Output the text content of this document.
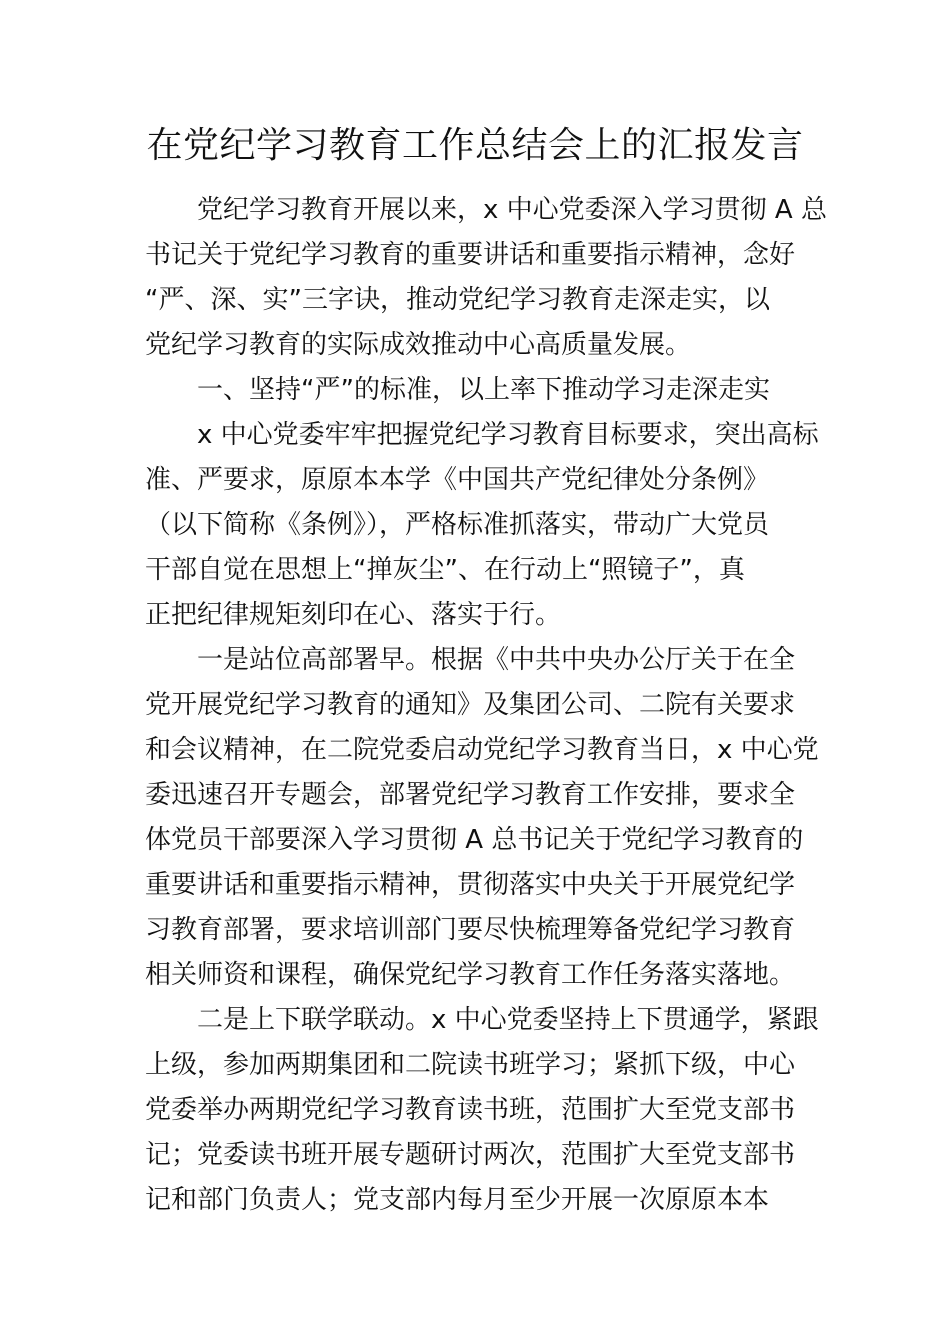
在党纪学习教育工作总结会上的汇报发言
党纪学习教育开展以来，x 中心党委深入学习贯彻 A 总
书记关于党纪学习教育的重要讲话和重要指示精神，念好
“严、深、实”三字诀，推动党纪学习教育走深走实，以
党纪学习教育的实际成效推动中心高质量发展。
一、坚持“严”的标准，以上率下推动学习走深走实
x 中心党委牢牢把握党纪学习教育目标要求，突出高标
准、严要求，原原本本学《中国共产党纪律处分条例》
（以下简称《条例》），严格标准抓落实，带动广大党员
干部自觉在思想上“掸灰尘”、在行动上“照镜子”，真
正把纪律规矩刻印在心、落实于行。
一是站位高部署早。根据《中共中央办公厅关于在全
党开展党纪学习教育的通知》及集团公司、二院有关要求
和会议精神，在二院党委启动党纪学习教育当日，x 中心党
委迅速召开专题会，部署党纪学习教育工作安排，要求全
体党员干部要深入学习贯彻 A 总书记关于党纪学习教育的
重要讲话和重要指示精神，贯彻落实中央关于开展党纪学
习教育部署，要求培训部门要尽快梳理筹备党纪学习教育
相关师资和课程，确保党纪学习教育工作任务落实落地。
二是上下联学联动。x 中心党委坚持上下贯通学，紧跟
上级，参加两期集团和二院读书班学习；紧抓下级，中心
党委举办两期党纪学习教育读书班，范围扩大至党支部书
记；党委读书班开展专题研讨两次，范围扩大至党支部书
记和部门负责人；党支部内每月至少开展一次原原本本
